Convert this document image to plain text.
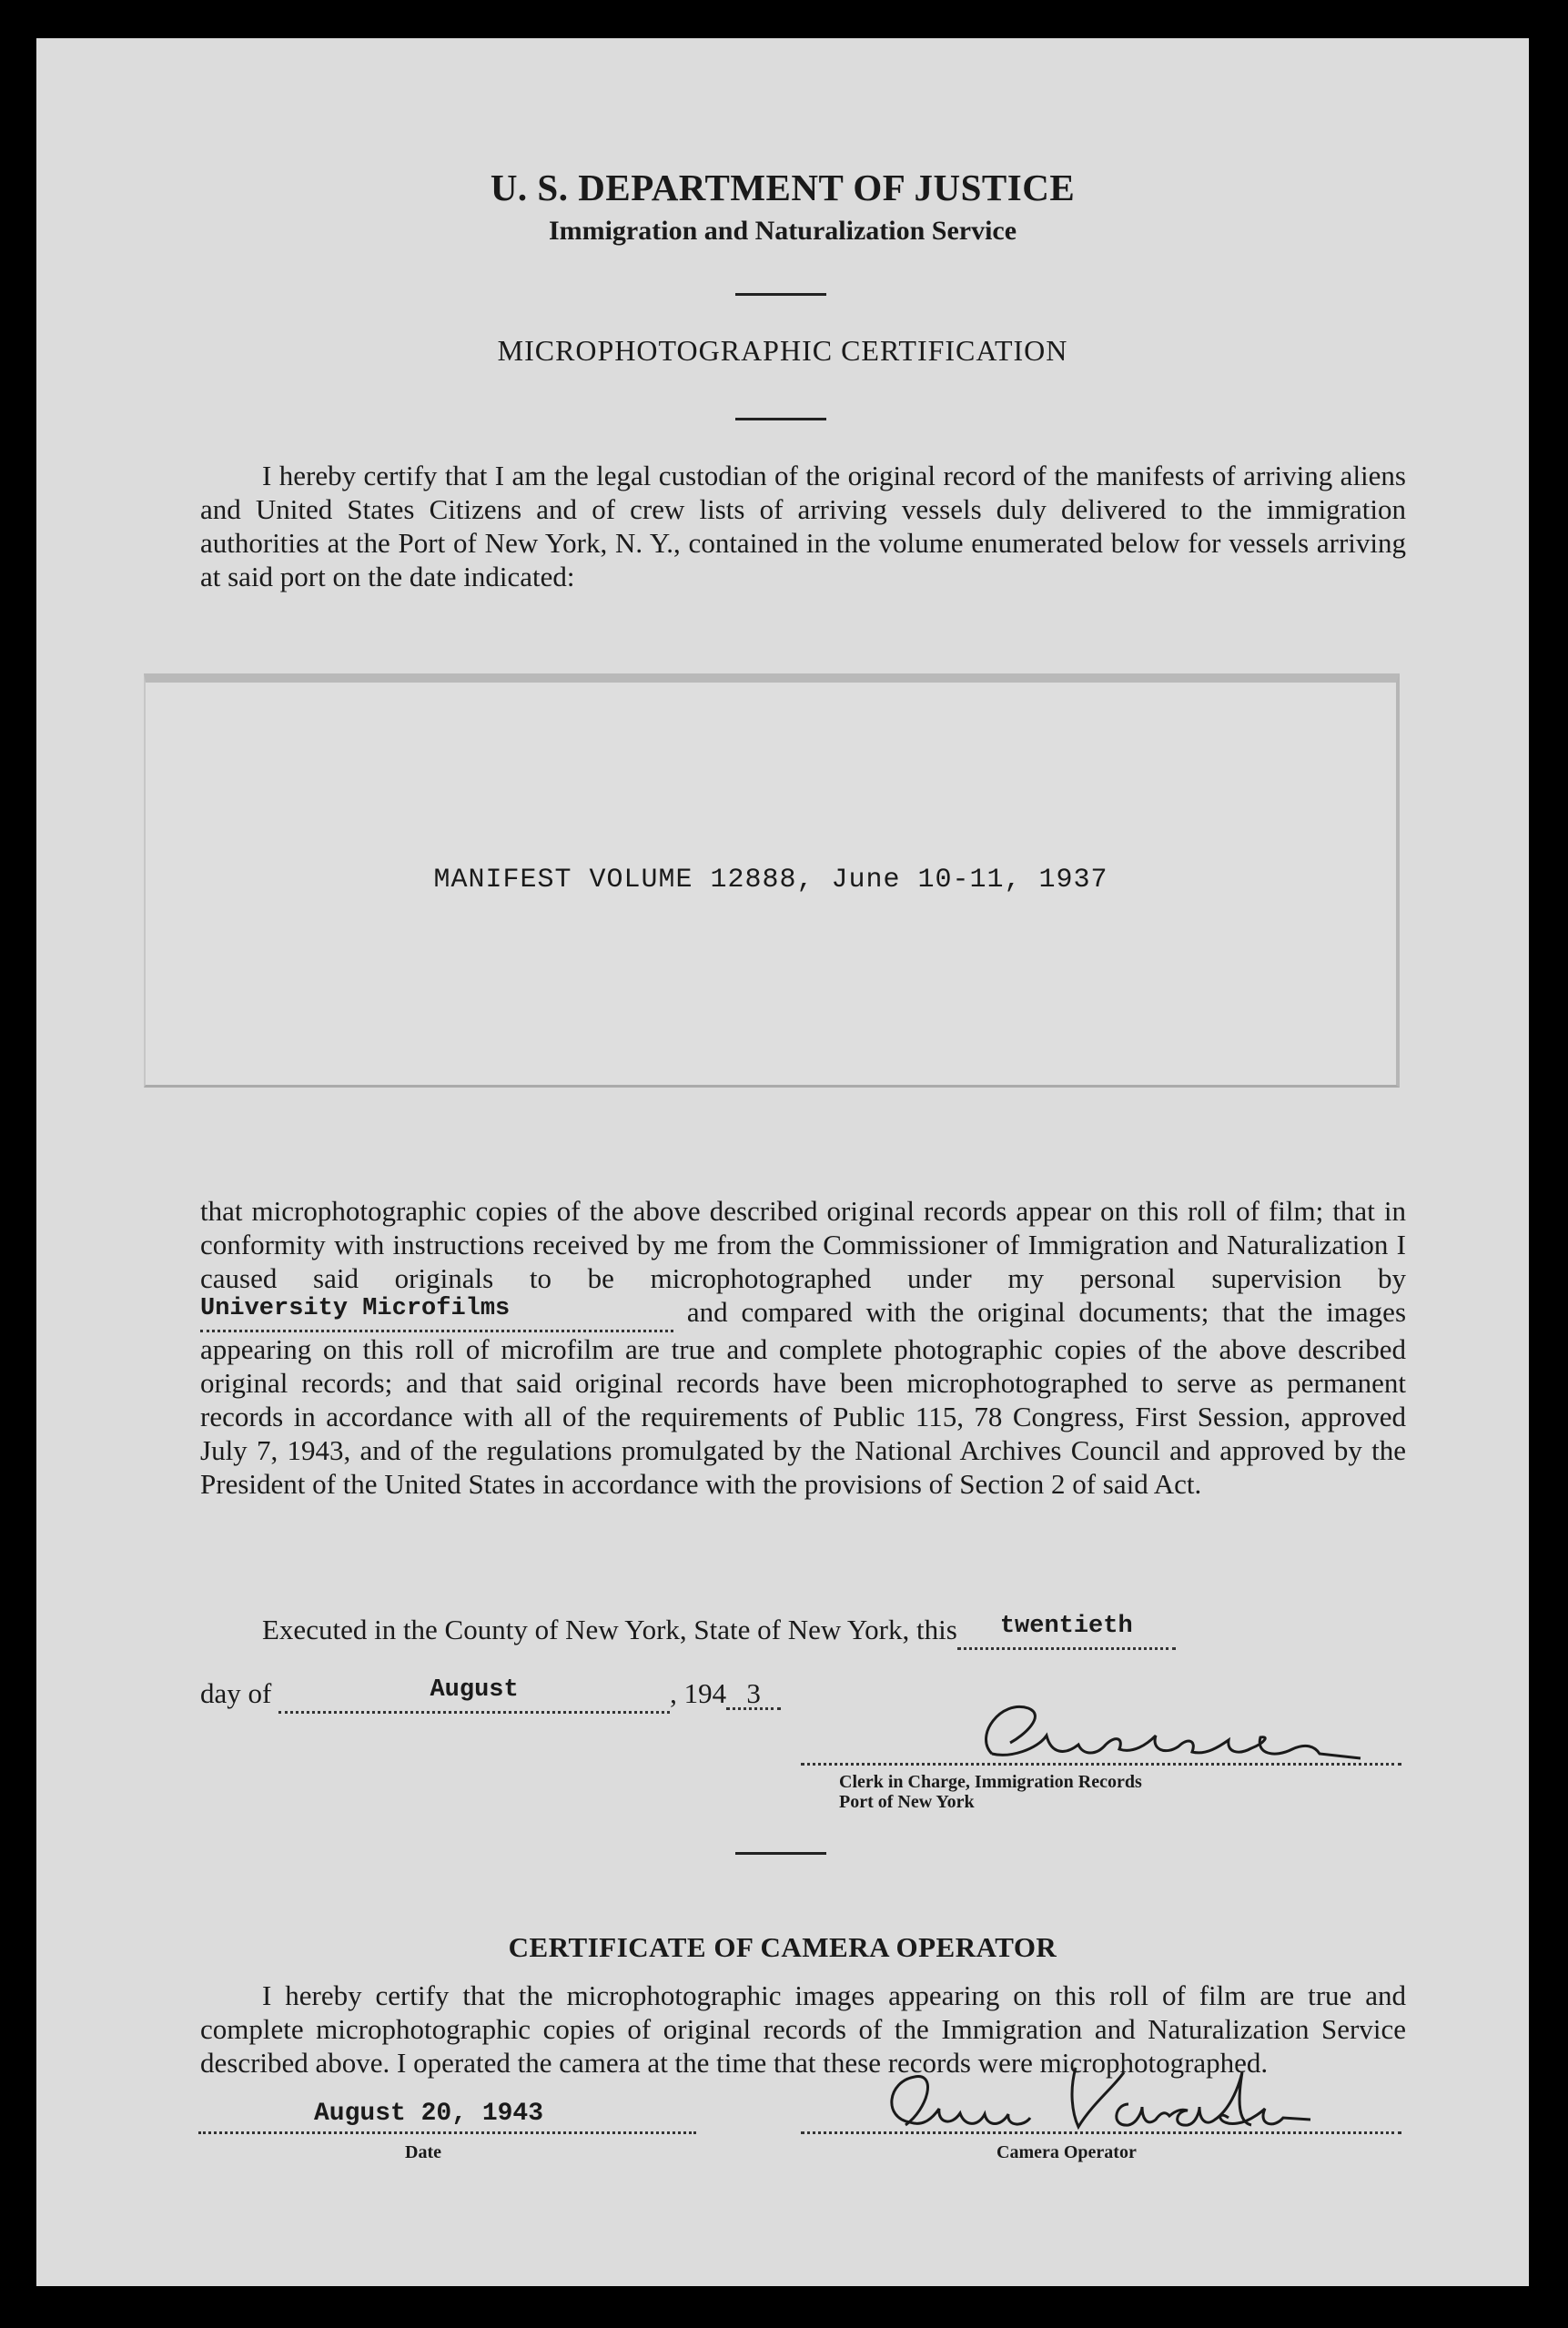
U. S. DEPARTMENT OF JUSTICE
Immigration and Naturalization Service
MICROPHOTOGRAPHIC CERTIFICATION
I hereby certify that I am the legal custodian of the original record of the manifests of arriving aliens and United States Citizens and of crew lists of arriving vessels duly delivered to the immigration authorities at the Port of New York, N. Y., contained in the volume enumerated below for vessels arriving at said port on the date indicated:
MANIFEST VOLUME 12888, June 10-11, 1937
that microphotographic copies of the above described original records appear on this roll of film; that in conformity with instructions received by me from the Commissioner of Immigration and Naturalization I caused said originals to be microphotographed under my personal supervision by University Microfilms	and compared with the original documents; that the images appearing on this roll of microfilm are true and complete photographic copies of the above described original records; and that said original records have been microphotographed to serve as permanent records in accordance with all of the requirements of Public 115, 78 Congress, First Session, approved July 7, 1943, and of the regulations promulgated by the National Archives Council and approved by the President of the United States in accordance with the provisions of Section 2 of said Act.
Executed in the County of New York, State of New York, this twentieth
day of	August	, 194 3
Clerk in Charge, Immigration Records
Port of New York
CERTIFICATE OF CAMERA OPERATOR
I hereby certify that the microphotographic images appearing on this roll of film are true and complete microphotographic copies of original records of the Immigration and Naturalization Service described above. I operated the camera at the time that these records were microphotographed.
August 20, 1943
Date	Camera Operator
